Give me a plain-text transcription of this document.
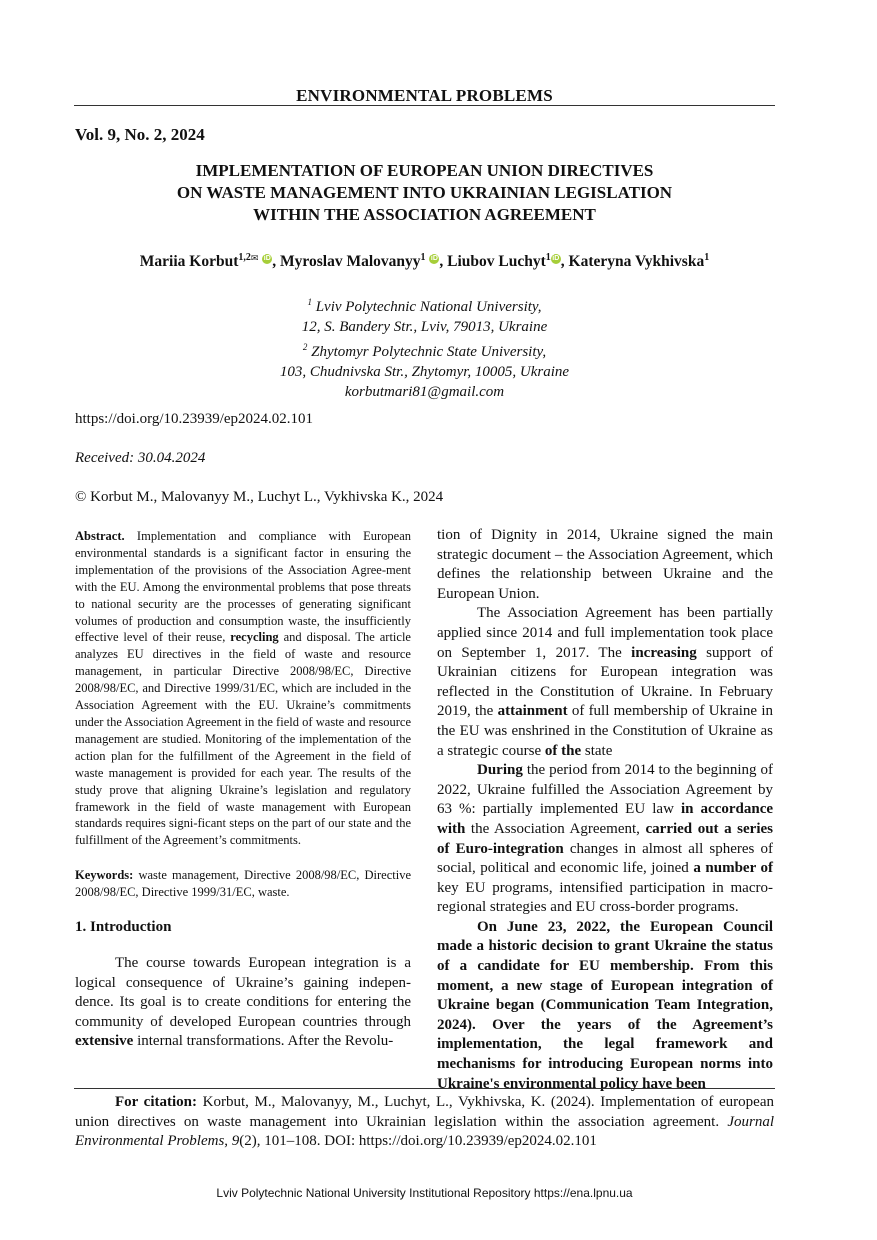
ENVIRONMENTAL PROBLEMS
Vol. 9, No. 2, 2024
IMPLEMENTATION OF EUROPEAN UNION DIRECTIVES
ON WASTE MANAGEMENT INTO UKRAINIAN LEGISLATION
WITHIN THE ASSOCIATION AGREEMENT
Mariia Korbut$^{1,2✉}$ iD, Myroslav Malovanyy$^1$ iD, Liubov Luchyt$^1$ iD, Kateryna Vykhivska$^1$
$^1$ Lviv Polytechnic National University,
12, S. Bandery Str., Lviv, 79013, Ukraine
$^2$ Zhytomyr Polytechnic State University,
103, Chudnivska Str., Zhytomyr, 10005, Ukraine
korbutmari81@gmail.com
https://doi.org/10.23939/ep2024.02.101
Received: 30.04.2024
© Korbut M., Malovanyy M., Luchyt L., Vykhivska K., 2024

Abstract. Implementation and compliance with European environmental standards is a significant factor in ensuring the implementation of the provisions of the Association Agree-ment with the EU. Among the environmental problems that pose threats to national security are the processes of generating significant volumes of production and consumption waste, the insufficiently effective level of their reuse, recycling and disposal. The article analyzes EU directives in the field of waste and resource management, in particular Directive 2008/98/EC, Directive 2008/98/EC, and Directive 1999/31/EC, which are included in the Association Agreement with the EU. Ukraine’s commitments under the Association Agreement in the field of waste and resource management are studied. Monitoring of the implementation of the action plan for the fulfillment of the Agreement in the field of waste management is provided for each year. The results of the study prove that aligning Ukraine’s legislation and regulatory framework in the field of waste management with European standards requires signi-ficant steps on the part of our state and the fulfillment of the Agreement’s commitments.

Keywords: waste management, Directive 2008/98/EC, Directive 2008/98/EC, Directive 1999/31/EC, waste.

1. Introduction

The course towards European integration is a logical consequence of Ukraine’s gaining indepen-dence. Its goal is to create conditions for entering the community of developed European countries through extensive internal transformations. After the Revolu-

tion of Dignity in 2014, Ukraine signed the main strategic document – the Association Agreement, which defines the relationship between Ukraine and the European Union.

The Association Agreement has been partially applied since 2014 and full implementation took place on September 1, 2017. The increasing support of Ukrainian citizens for European integration was reflected in the Constitution of Ukraine. In February 2019, the attainment of full membership of Ukraine in the EU was enshrined in the Constitution of Ukraine as a strategic course of the state

During the period from 2014 to the beginning of 2022, Ukraine fulfilled the Association Agreement by 63 %: partially implemented EU law in accordance with the Association Agreement, carried out a series of Euro-integration changes in almost all spheres of social, political and economic life, joined a number of key EU programs, intensified participation in macro-regional strategies and EU cross-border programs.

On June 23, 2022, the European Council made a historic decision to grant Ukraine the status of a candidate for EU membership. From this moment, a new stage of European integration of Ukraine began (Communication Team Integration, 2024). Over the years of the Agreement’s implementation, the legal framework and mechanisms for introducing European norms into Ukraine's environmental policy have been

For citation: Korbut, M., Malovanyy, M., Luchyt, L., Vykhivska, K. (2024). Implementation of european union directives on waste management into Ukrainian legislation within the association agreement. Journal Environmental Problems, 9(2), 101–108. DOI: https://doi.org/10.23939/ep2024.02.101
Lviv Polytechnic National University Institutional Repository https://ena.lpnu.ua
